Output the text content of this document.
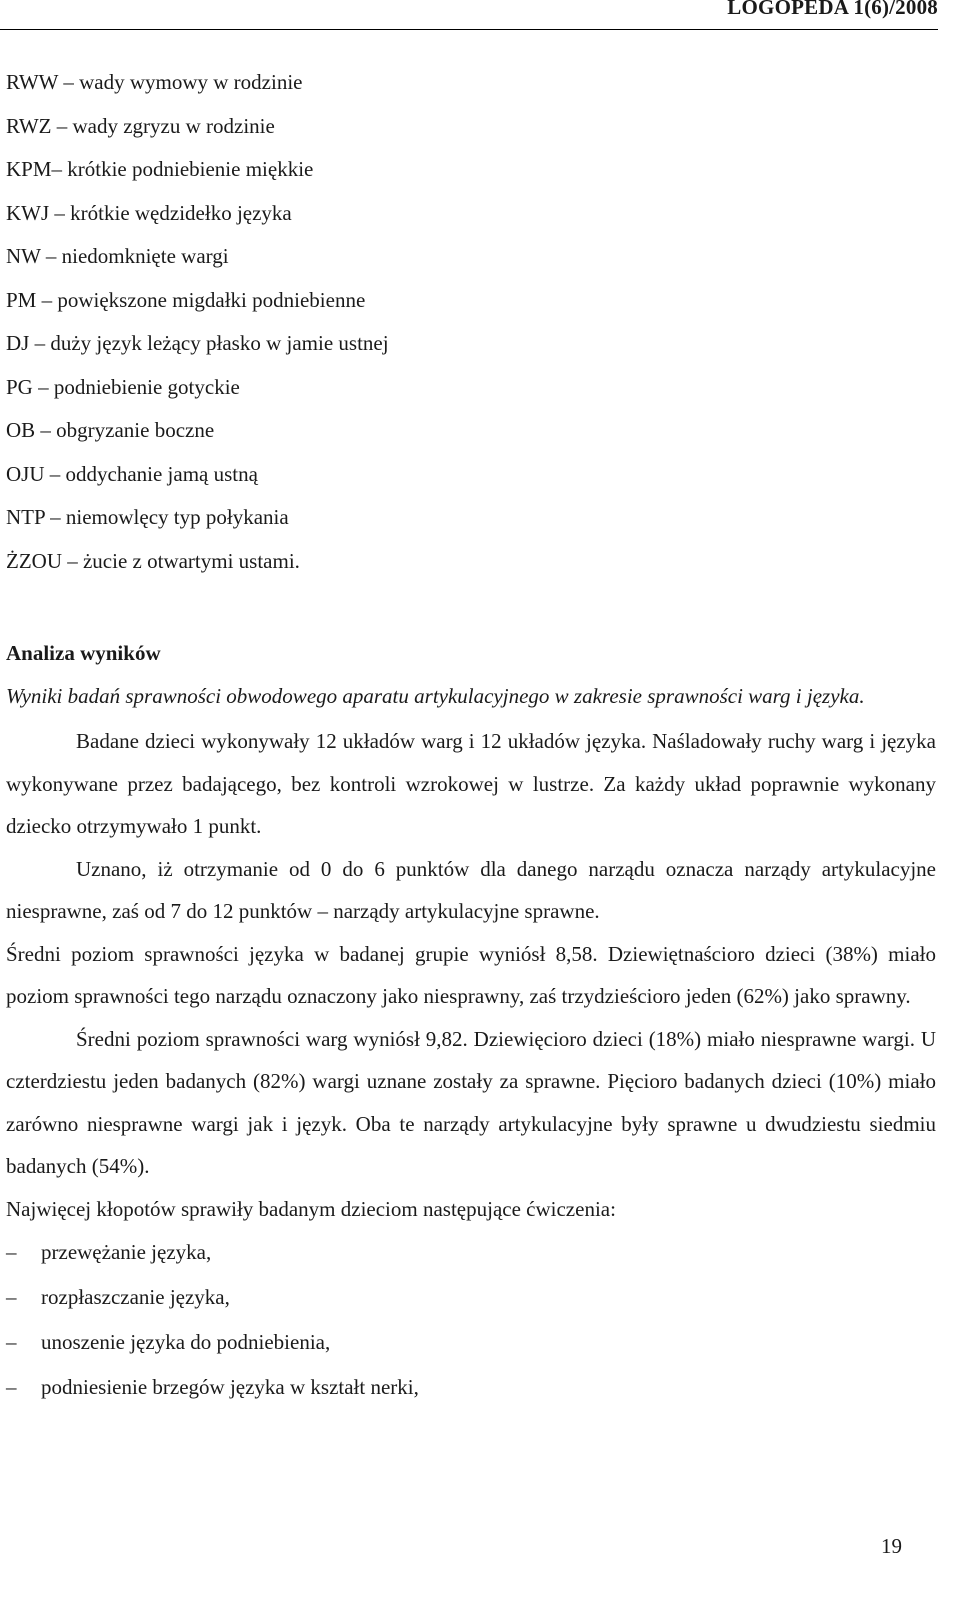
LOGOPEDA 1(6)/2008
RWW – wady wymowy w rodzinie
RWZ – wady zgryzu w rodzinie
KPM– krótkie podniebienie miękkie
KWJ – krótkie wędzidełko języka
NW – niedomknięte wargi
PM – powiększone migdałki podniebienne
DJ – duży język leżący płasko w jamie ustnej
PG – podniebienie gotyckie
OB – obgryzanie boczne
OJU – oddychanie jamą ustną
NTP – niemowlęcy typ połykania
ŻZOU – żucie z otwartymi ustami.
Analiza wyników

Wyniki badań sprawności obwodowego aparatu artykulacyjnego w zakresie sprawności warg i języka.

Badane dzieci wykonywały 12 układów warg i 12 układów języka. Naśladowały ruchy warg i języka wykonywane przez badającego, bez kontroli wzrokowej w lustrze. Za każdy układ poprawnie wykonany dziecko otrzymywało 1 punkt.

Uznano, iż otrzymanie od 0 do 6 punktów dla danego narządu oznacza narządy artykulacyjne niesprawne, zaś od 7 do 12 punktów – narządy artykulacyjne sprawne.

Średni poziom sprawności języka w badanej grupie wyniósł 8,58. Dziewiętnaścioro dzieci (38%) miało poziom sprawności tego narządu oznaczony jako niesprawny, zaś trzydzieścioro jeden (62%) jako sprawny.

Średni poziom sprawności warg wyniósł 9,82. Dziewięcioro dzieci (18%) miało niesprawne wargi. U czterdziestu jeden badanych (82%) wargi uznane zostały za sprawne. Pięcioro badanych dzieci (10%) miało zarówno niesprawne wargi jak i język. Oba te narządy artykulacyjne były sprawne u dwudziestu siedmiu badanych (54%).

Najwięcej kłopotów sprawiły badanym dzieciom następujące ćwiczenia:

– przewężanie języka,
– rozpłaszczanie języka,
– unoszenie języka do podniebienia,
– podniesienie brzegów języka w kształt nerki,
19
